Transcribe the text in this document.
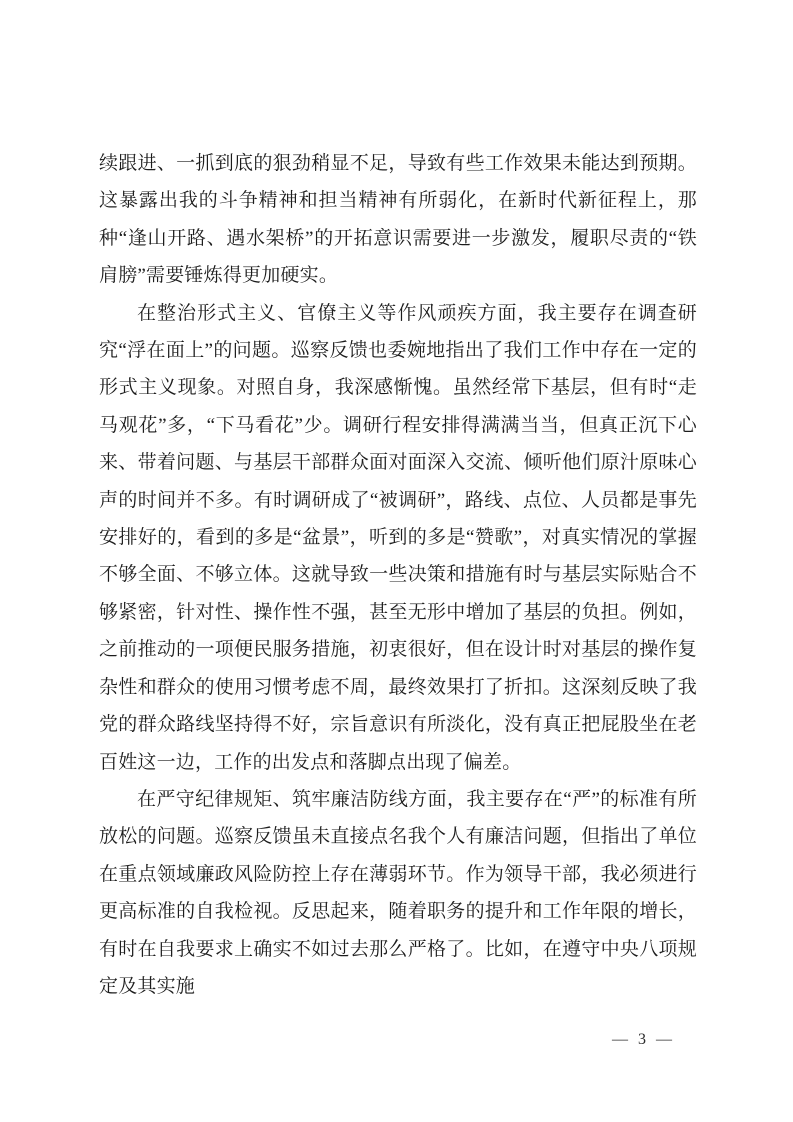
续跟进、一抓到底的狠劲稍显不足，导致有些工作效果未能达到预期。这暴露出我的斗争精神和担当精神有所弱化，在新时代新征程上，那种“逢山开路、遇水架桥”的开拓意识需要进一步激发，履职尽责的“铁肩膀”需要锤炼得更加硬实。

在整治形式主义、官僚主义等作风顽疾方面，我主要存在调查研究“浮在面上”的问题。巡察反馈也委婉地指出了我们工作中存在一定的形式主义现象。对照自身，我深感惭愧。虽然经常下基层，但有时“走马观花”多，“下马看花”少。调研行程安排得满满当当，但真正沉下心来、带着问题、与基层干部群众面对面深入交流、倾听他们原汁原味心声的时间并不多。有时调研成了“被调研”，路线、点位、人员都是事先安排好的，看到的多是“盆景”，听到的多是“赞歌”，对真实情况的掌握不够全面、不够立体。这就导致一些决策和措施有时与基层实际贴合不够紧密，针对性、操作性不强，甚至无形中增加了基层的负担。例如，之前推动的一项便民服务措施，初衷很好，但在设计时对基层的操作复杂性和群众的使用习惯考虑不周，最终效果打了折扣。这深刻反映了我党的群众路线坚持得不好，宗旨意识有所淡化，没有真正把屁股坐在老百姓这一边，工作的出发点和落脚点出现了偏差。

在严守纪律规矩、筑牢廉洁防线方面，我主要存在“严”的标准有所放松的问题。巡察反馈虽未直接点名我个人有廉洁问题，但指出了单位在重点领域廉政风险防控上存在薄弱环节。作为领导干部，我必须进行更高标准的自我检视。反思起来，随着职务的提升和工作年限的增长，有时在自我要求上确实不如过去那么严格了。比如，在遵守中央八项规定及其实施

— 3 —
